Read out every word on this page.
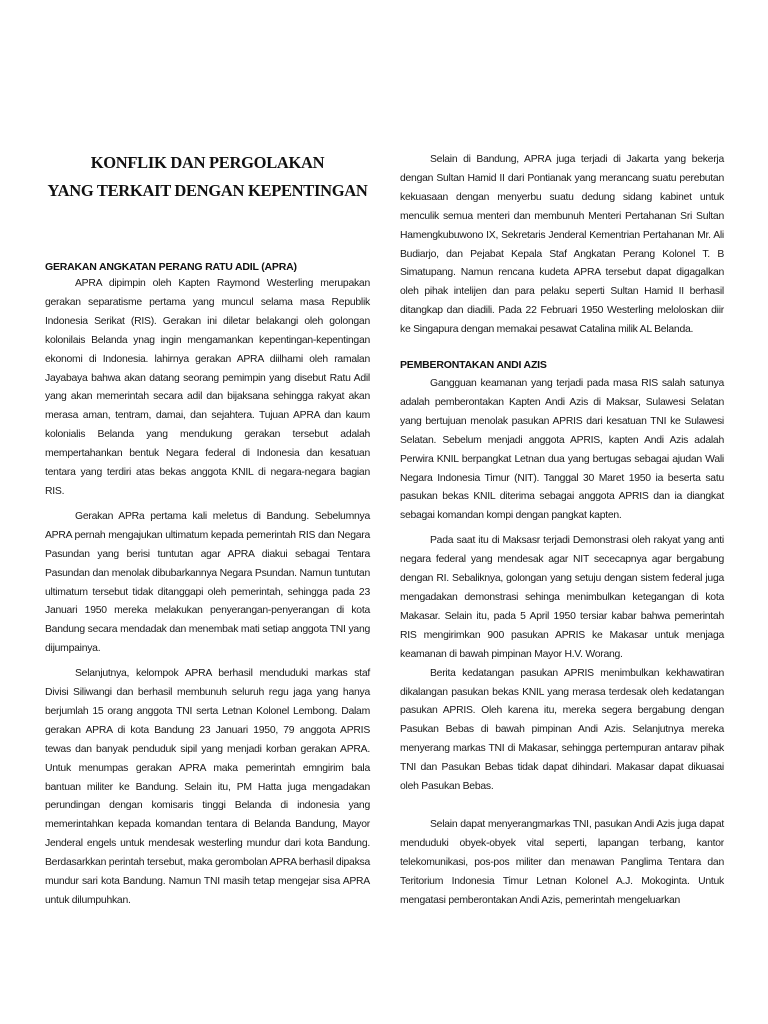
KONFLIK DAN PERGOLAKAN
YANG TERKAIT DENGAN KEPENTINGAN
GERAKAN ANGKATAN PERANG RATU ADIL (APRA)

APRA dipimpin oleh Kapten Raymond Westerling merupakan gerakan separatisme pertama yang muncul selama masa Republik Indonesia Serikat (RIS). Gerakan ini diletar belakangi oleh golongan kolonilais Belanda ynag ingin mengamankan kepentingan-kepentingan ekonomi di Indonesia. lahirnya gerakan APRA diilhami oleh ramalan Jayabaya bahwa akan datang seorang pemimpin yang disebut Ratu Adil yang akan memerintah secara adil dan bijaksana sehingga rakyat akan merasa aman, tentram, damai, dan sejahtera. Tujuan APRA dan kaum kolonialis Belanda yang mendukung gerakan tersebut adalah mempertahankan bentuk Negara federal di Indonesia dan kesatuan tentara yang terdiri atas bekas anggota KNIL di negara-negara bagian RIS.

Gerakan APRa pertama kali meletus di Bandung. Sebelumnya APRA pernah mengajukan ultimatum kepada pemerintah RIS dan Negara Pasundan yang berisi tuntutan agar APRA diakui sebagai Tentara Pasundan dan menolak dibubarkannya Negara Psundan. Namun tuntutan ultimatum tersebut tidak ditanggapi oleh pemerintah, sehingga pada 23 Januari 1950 mereka melakukan penyerangan-penyerangan di kota Bandung secara mendadak dan menembak mati setiap anggota TNI yang dijumpainya.

Selanjutnya, kelompok APRA berhasil menduduki markas staf Divisi Siliwangi dan berhasil membunuh seluruh regu jaga yang hanya berjumlah 15 orang anggota TNI serta Letnan Kolonel Lembong. Dalam gerakan APRA di kota Bandung 23 Januari 1950, 79 anggota APRIS tewas dan banyak penduduk sipil yang menjadi korban gerakan APRA. Untuk menumpas gerakan APRA maka pemerintah emngirim bala bantuan militer ke Bandung. Selain itu, PM Hatta juga mengadakan perundingan dengan komisaris tinggi Belanda di indonesia yang memerintahkan kepada komandan tentara di Belanda Bandung, Mayor Jenderal engels untuk mendesak westerling mundur dari kota Bandung. Berdasarkkan perintah tersebut, maka gerombolan APRA berhasil dipaksa mundur sari kota Bandung. Namun TNI masih tetap mengejar sisa APRA untuk dilumpuhkan.

Selain di Bandung, APRA juga terjadi di Jakarta yang bekerja dengan Sultan Hamid II dari Pontianak yang merancang suatu perebutan kekuasaan dengan menyerbu suatu dedung sidang kabinet untuk menculik semua menteri dan membunuh Menteri Pertahanan Sri Sultan Hamengkubuwono IX, Sekretaris Jenderal Kementrian Pertahanan Mr. Ali Budiarjo, dan Pejabat Kepala Staf Angkatan Perang Kolonel T. B Simatupang. Namun rencana kudeta APRA tersebut dapat digagalkan oleh pihak intelijen dan para pelaku seperti Sultan Hamid II berhasil ditangkap dan diadili. Pada 22 Februari 1950 Westerling meloloskan diir ke Singapura dengan memakai pesawat Catalina milik AL Belanda.

PEMBERONTAKAN ANDI AZIS

Gangguan keamanan yang terjadi pada masa RIS salah satunya adalah pemberontakan Kapten Andi Azis di Maksar, Sulawesi Selatan yang bertujuan menolak pasukan APRIS dari kesatuan TNI ke Sulawesi Selatan. Sebelum menjadi anggota APRIS, kapten Andi Azis adalah Perwira KNIL berpangkat Letnan dua yang bertugas sebagai ajudan Wali Negara Indonesia Timur (NIT). Tanggal 30 Maret 1950 ia beserta satu pasukan bekas KNIL diterima sebagai anggota APRIS dan ia diangkat sebagai komandan kompi dengan pangkat kapten.

Pada saat itu di Maksasr terjadi Demonstrasi oleh rakyat yang anti negara federal yang mendesak agar NIT sececapnya agar bergabung dengan RI. Sebaliknya, golongan yang setuju dengan sistem federal juga mengadakan demonstrasi sehinga menimbulkan ketegangan di kota Makasar. Selain itu, pada 5 April 1950 tersiar kabar bahwa pemerintah RIS mengirimkan 900 pasukan APRIS ke Makasar untuk menjaga keamanan di bawah pimpinan Mayor H.V. Worang.

Berita kedatangan pasukan APRIS menimbulkan kekhawatiran dikalangan pasukan bekas KNIL yang merasa terdesak oleh kedatangan pasukan APRIS. Oleh karena itu, mereka segera bergabung dengan Pasukan Bebas di bawah pimpinan Andi Azis. Selanjutnya mereka menyerang markas TNI di Makasar, sehingga pertempuran antarav pihak TNI dan Pasukan Bebas tidak dapat dihindari. Makasar dapat dikuasai oleh Pasukan Bebas.

Selain dapat menyerangmarkas TNI, pasukan Andi Azis juga dapat menduduki obyek-obyek vital seperti, lapangan terbang, kantor telekomunikasi, pos-pos militer dan menawan Panglima Tentara dan Teritorium Indonesia Timur Letnan Kolonel A.J. Mokoginta. Untuk mengatasi pemberontakan Andi Azis, pemerintah mengeluarkan
